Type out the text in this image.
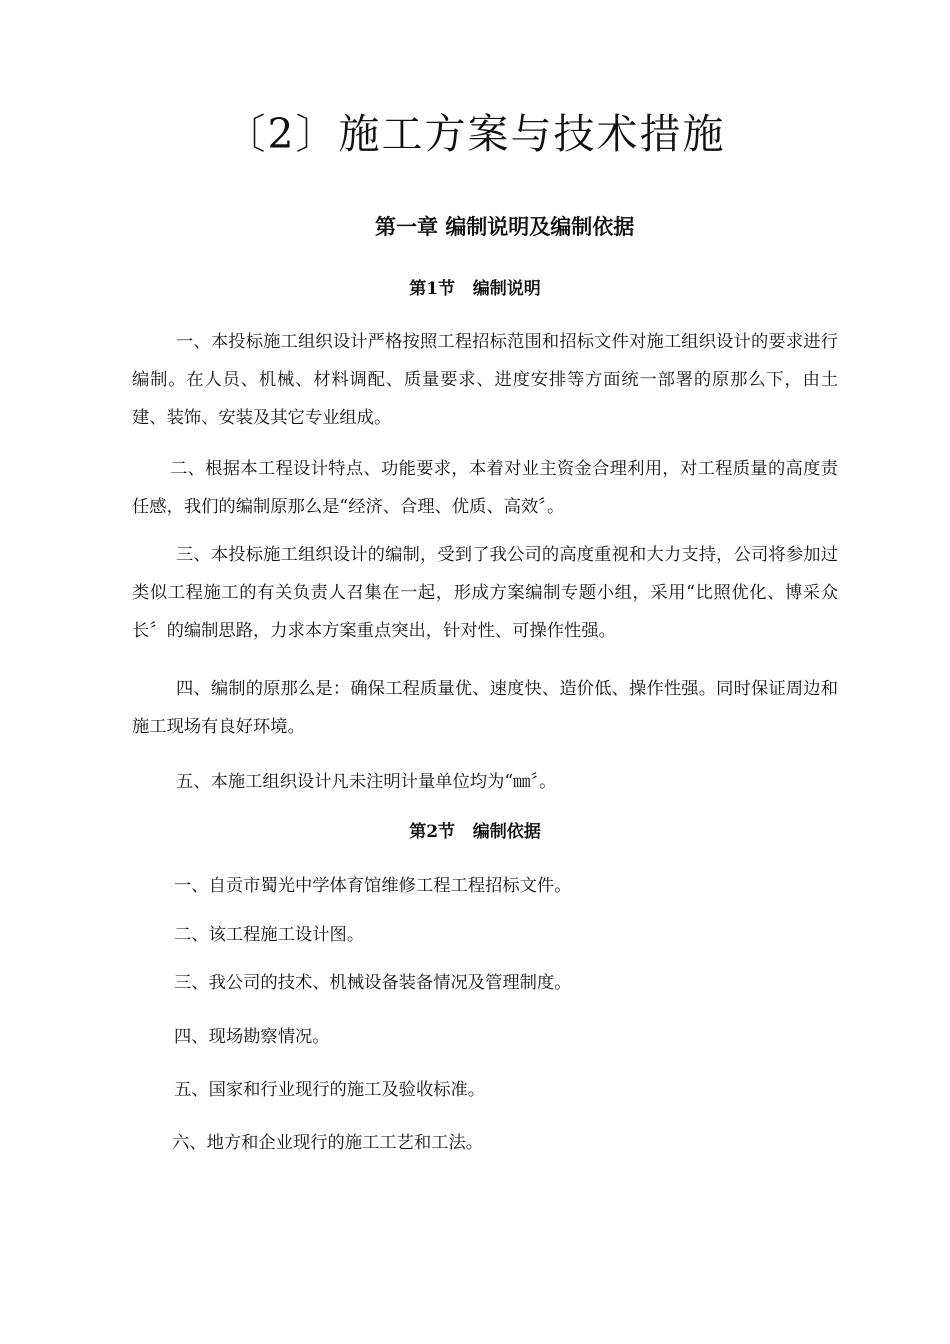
〔2〕施工方案与技术措施
第一章 编制说明及编制依据
第1节   编制说明

一、本投标施工组织设计严格按照工程招标范围和招标文件对施工组织设计的要求进行编制。在人员、机械、材料调配、质量要求、进度安排等方面统一部署的原那么下，由土建、装饰、安装及其它专业组成。

二、根据本工程设计特点、功能要求，本着对业主资金合理利用，对工程质量的高度责任感，我们的编制原那么是“经济、合理、优质、高效〞。

三、本投标施工组织设计的编制，受到了我公司的高度重视和大力支持，公司将参加过类似工程施工的有关负责人召集在一起，形成方案编制专题小组，采用“比照优化、博采众长〞的编制思路，力求本方案重点突出，针对性、可操作性强。

四、编制的原那么是：确保工程质量优、速度快、造价低、操作性强。同时保证周边和施工现场有良好环境。

五、本施工组织设计凡未注明计量单位均为“㎜〞。

第2节   编制依据

一、自贡市蜀光中学体育馆维修工程工程招标文件。

二、该工程施工设计图。

三、我公司的技术、机械设备装备情况及管理制度。

四、现场勘察情况。

五、国家和行业现行的施工及验收标准。

六、地方和企业现行的施工工艺和工法。
